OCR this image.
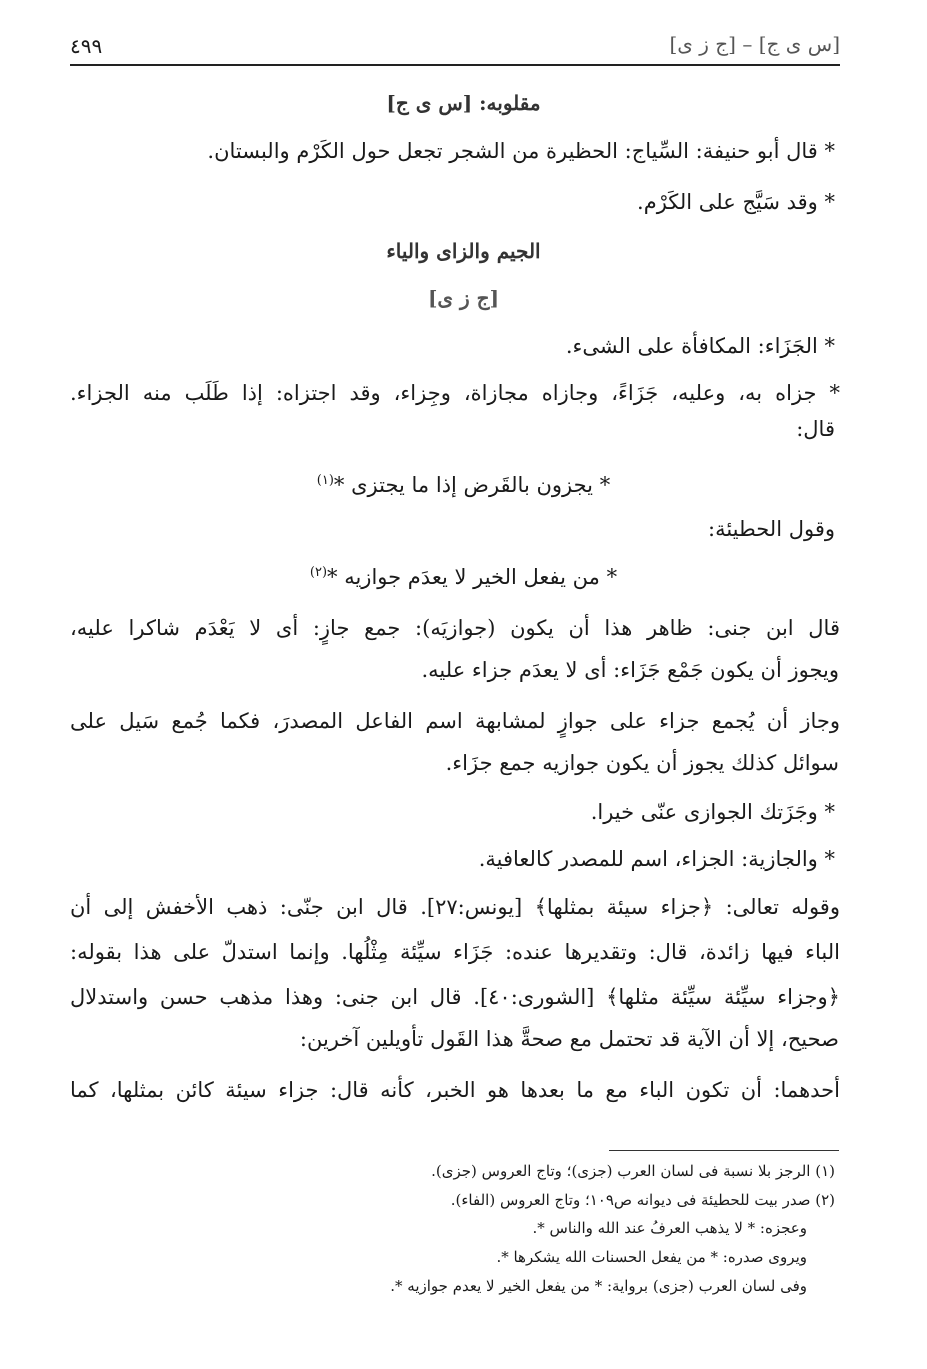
٤٩٩	[س ى ج] – [ج ز ى]
مقلوبه: [س ى ج]
* قال أبو حنيفة: السِّياج: الحظيرة من الشجر تجعل حول الكَرْم والبستان.
* وقد سَيَّج على الكَرْم.
الجيم والزاى والياء
[ج ز ى]
* الجَزَاء: المكافأة على الشىء.
* جزاه به، وعليه، جَزَاءً، وجازاه مجازاة، وجِزاء، وقد اجتزاه: إذا طَلَب منه الجزاء.
قال:
* يجزون بالقَرض إذا ما يجتزى *$^{(١)}$
وقول الحطيئة:
* من يفعل الخير لا يعدَم جوازيه *$^{(٢)}$
قال ابن جنى: ظاهر هذا أن يكون (جوازيَه): جمع جازٍ: أى لا يَعْدَم شاكرا عليه،
ويجوز أن يكون جَمْع جَزَاء: أى لا يعدَم جزاء عليه.
وجاز أن يُجمع جزاء على جوازٍ لمشابهة اسم الفاعل المصدرَ، فكما جُمع سَيل على
سوائل كذلك يجوز أن يكون جوازيه جمع جزَاء.
* وجَزَتك الجوازى عنّى خيرا.
* والجازية: الجزاء، اسم للمصدر كالعافية.
وقوله تعالى: ﴿جزاء سيئة بمثلها﴾ [يونس:٢٧]. قال ابن جنّى: ذهب الأخفش إلى أن
الباء فيها زائدة، قال: وتقديرها عنده: جَزَاء سيِّئة مِثْلُها. وإنما استدلّ على هذا بقوله:
﴿وجزاء سيِّئة سيِّئة مثلها﴾ [الشورى:٤٠]. قال ابن جنى: وهذا مذهب حسن واستدلال
صحيح، إلا أن الآية قد تحتمل مع صحةَّ هذا القَول تأويلين آخرين:
أحدهما: أن تكون الباء مع ما بعدها هو الخبر، كأنه قال: جزاء سيئة كائن بمثلها، كما
(١) الرجز بلا نسبة فى لسان العرب (جزى)؛ وتاج العروس (جزى).
(٢) صدر بيت للحطيئة فى ديوانه ص١٠٩؛ وتاج العروس (الفاء).
وعجزه: * لا يذهب العرفُ عند الله والناس *.
ويروى صدره: * من يفعل الحسنات الله يشكرها *.
وفى لسان العرب (جزى) برواية: * من يفعل الخير لا يعدم جوازيه *.
